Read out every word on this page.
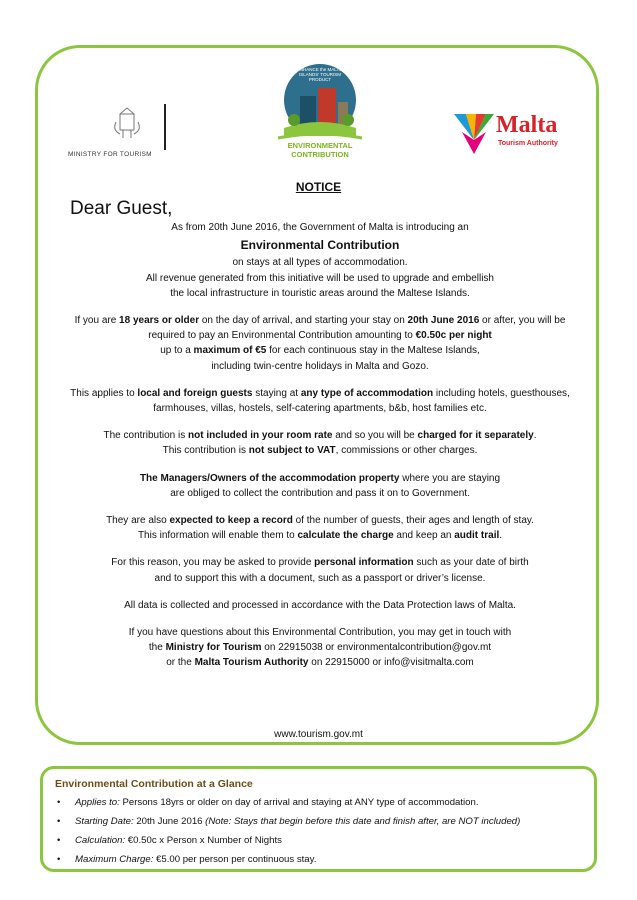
MINISTRY FOR TOURISM
to ENHANCE the MALTESE ISLANDS' TOURISM PRODUCT
ENVIRONMENTAL
CONTRIBUTION
Malta
Tourism Authority
NOTICE
Dear Guest,

As from 20th June 2016, the Government of Malta is introducing an
Environmental Contribution
on stays at all types of accommodation.
All revenue generated from this initiative will be used to upgrade and embellish
the local infrastructure in touristic areas around the Maltese Islands.

If you are 18 years or older on the day of arrival, and starting your stay on 20th June 2016 or after, you will be required to pay an Environmental Contribution amounting to €0.50c per night
up to a maximum of €5 for each continuous stay in the Maltese Islands,
including twin-centre holidays in Malta and Gozo.

This applies to local and foreign guests staying at any type of accommodation including hotels, guesthouses, farmhouses, villas, hostels, self-catering apartments, b&b, host families etc.

The contribution is not included in your room rate and so you will be charged for it separately.
This contribution is not subject to VAT, commissions or other charges.

The Managers/Owners of the accommodation property where you are staying
are obliged to collect the contribution and pass it on to Government.

They are also expected to keep a record of the number of guests, their ages and length of stay.
This information will enable them to calculate the charge and keep an audit trail.

For this reason, you may be asked to provide personal information such as your date of birth
and to support this with a document, such as a passport or driver’s license.

All data is collected and processed in accordance with the Data Protection laws of Malta.

If you have questions about this Environmental Contribution, you may get in touch with
the Ministry for Tourism on 22915038 or environmentalcontribution@gov.mt
or the Malta Tourism Authority on 22915000 or info@visitmalta.com

www.tourism.gov.mt
Environmental Contribution at a Glance
• Applies to: Persons 18yrs or older on day of arrival and staying at ANY type of accommodation.
• Starting Date: 20th June 2016 (Note: Stays that begin before this date and finish after, are NOT included)
• Calculation: €0.50c x Person x Number of Nights
• Maximum Charge: €5.00 per person per continuous stay.
